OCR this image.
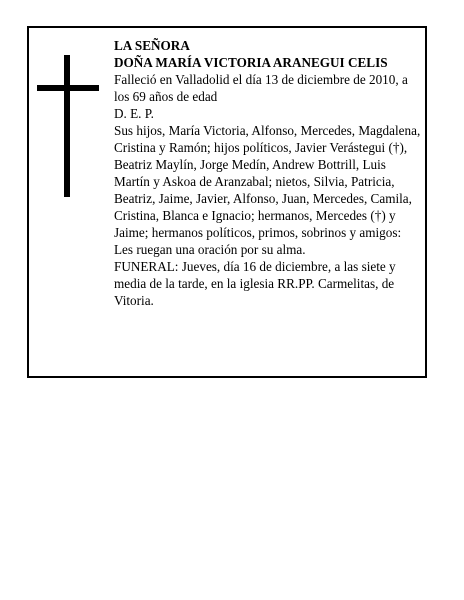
LA SEÑORA

DOÑA MARÍA VICTORIA ARANEGUI CELIS

Falleció en Valladolid el día 13 de diciembre de 2010, a los 69 años de edad

D. E. P.

Sus hijos, María Victoria, Alfonso, Mercedes, Magdalena, Cristina y Ramón; hijos políticos, Javier Verástegui (†), Beatriz Maylín, Jorge Medín, Andrew Bottrill, Luis Martín y Askoa de Aranzabal; nietos, Silvia, Patricia, Beatriz, Jaime, Javier, Alfonso, Juan, Mercedes, Camila, Cristina, Blanca e Ignacio; hermanos, Mercedes (†) y Jaime; hermanos políticos, primos, sobrinos y amigos:

Les ruegan una oración por su alma.

FUNERAL: Jueves, día 16 de diciembre, a las siete y media de la tarde, en la iglesia RR.PP. Carmelitas, de Vitoria.
